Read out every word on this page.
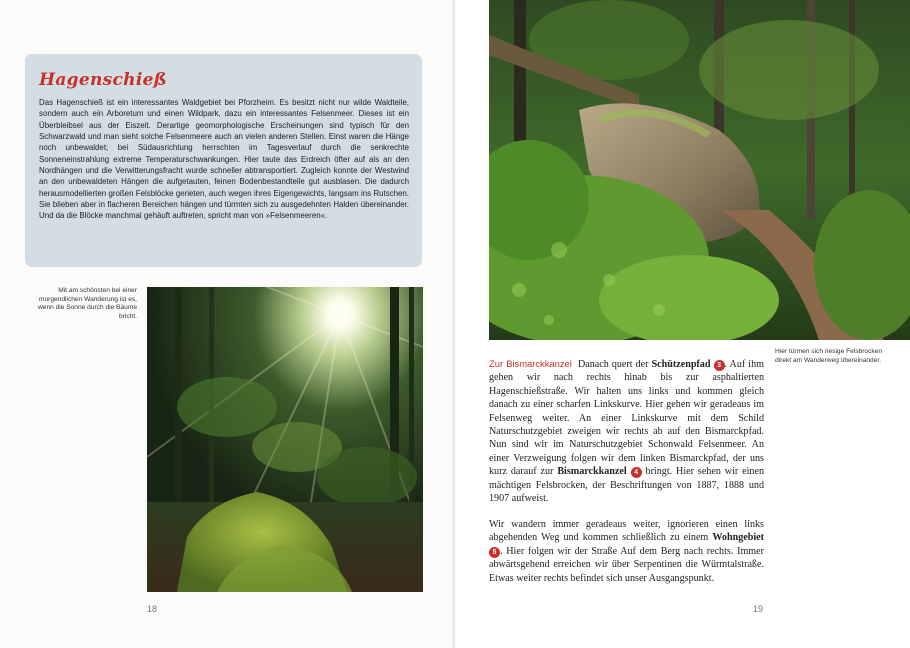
Hagenschieß

Das Hagenschieß ist ein interessantes Waldgebiet bei Pforzheim. Es besitzt nicht nur wilde Waldteile, sondern auch ein Arboretum und einen Wildpark, dazu ein interessantes Felsenmeer. Dieses ist ein Überbleibsel aus der Eiszeit. Derartige geomorphologische Erscheinungen sind typisch für den Schwarzwald und man sieht solche Felsenmeere auch an vielen anderen Stellen. Einst waren die Hänge noch unbewaldet; bei Südausrichtung herrschten im Tagesverlauf durch die senkrechte Sonneneinstrahlung extreme Temperaturschwankungen. Hier taute das Erdreich öfter auf als an den Nordhängen und die Verwitterungsfracht wurde schneller abtransportiert. Zugleich konnte der Westwind an den unbewaldeten Hängen die aufgetauten, feinen Bodenbestandteile gut ausblasen. Die dadurch herausmodellierten großen Felsblöcke gerieten, auch wegen ihres Eigengewichts, langsam ins Rutschen. Sie blieben aber in flacheren Bereichen hängen und türmten sich zu ausgedehnten Halden übereinander. Und da die Blöcke manchmal gehäuft auftreten, spricht man von »Felsenmeeren«.

Mit am schönsten bei einer morgendlichen Wanderung ist es, wenn die Sonne durch die Bäume bricht.
18
Hier türmen sich riesige Felsbrocken direkt am Wanderweg übereinander.

Zur Bismarckkanzel Danach quert der Schützenpfad 3 . Auf ihm gehen wir nach rechts hinab bis zur asphaltierten Hagenschießstraße. Wir halten uns links und kommen gleich danach zu einer scharfen Linkskurve. Hier gehen wir geradeaus im Felsenweg weiter. An einer Linkskurve mit dem Schild Naturschutzgebiet zweigen wir rechts ab auf den Bismarckpfad. Nun sind wir im Naturschutzgebiet Schonwald Felsenmeer. An einer Verzweigung folgen wir dem linken Bismarckpfad, der uns kurz darauf zur Bismarckkanzel 4 bringt. Hier sehen wir einen mächtigen Felsbrocken, der Beschriftungen von 1887, 1888 und 1907 aufweist.

Wir wandern immer geradeaus weiter, ignorieren einen links abgehenden Weg und kommen schließlich zu einem Wohngebiet 5 . Hier folgen wir der Straße Auf dem Berg nach rechts. Immer abwärtsgehend erreichen wir über Serpentinen die Würmtalstraße. Etwas weiter rechts befindet sich unser Ausgangspunkt.

19
